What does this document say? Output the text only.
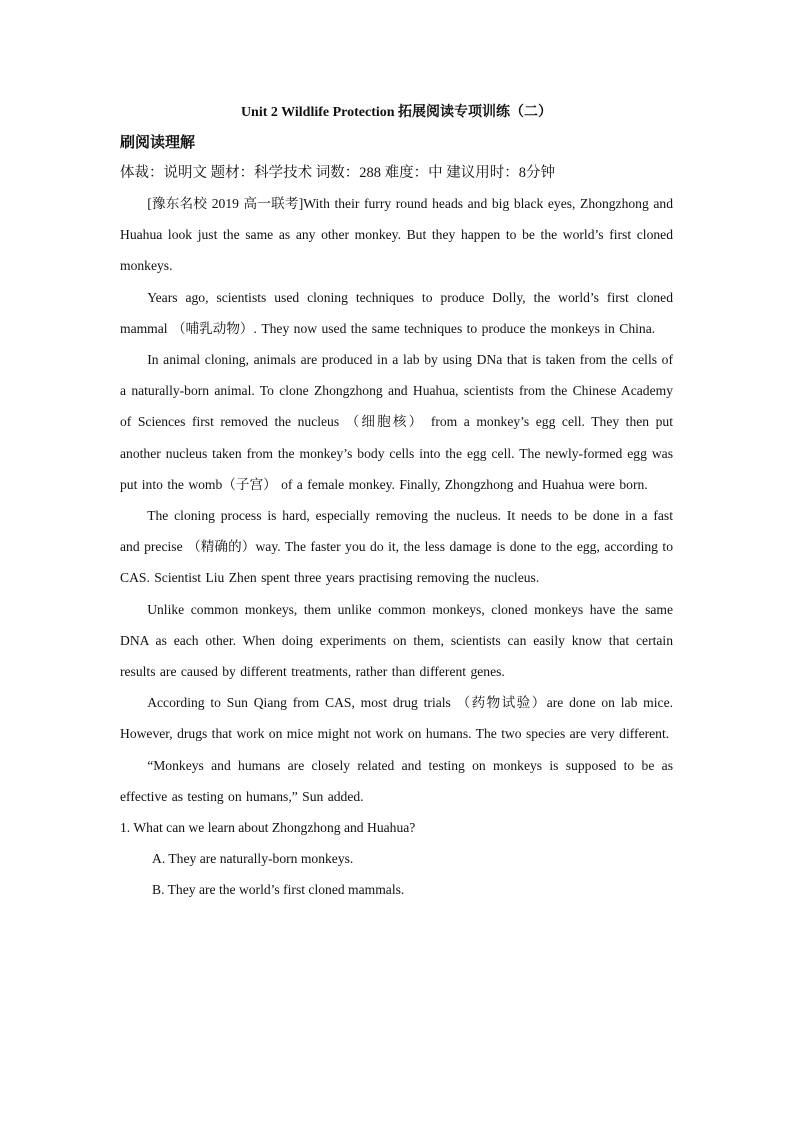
Unit 2 Wildlife Protection 拓展阅读专项训练（二）

刷阅读理解

体裁：说明文 题材：科学技术 词数：288 难度：中 建议用时：8分钟

[豫东名校 2019 高一联考]With their furry round heads and big black eyes, Zhongzhong and Huahua look just the same as any other monkey. But they happen to be the world’s first cloned monkeys.

Years ago, scientists used cloning techniques to produce Dolly, the world’s first cloned mammal （哺乳动物）. They now used the same techniques to produce the monkeys in China.

In animal cloning, animals are produced in a lab by using DNa that is taken from the cells of a naturally-born animal. To clone Zhongzhong and Huahua, scientists from the Chinese Academy of Sciences first removed the nucleus （细胞核） from a monkey’s egg cell. They then put another nucleus taken from the monkey’s body cells into the egg cell. The newly-formed egg was put into the womb（子宫） of a female monkey. Finally, Zhongzhong and Huahua were born.

The cloning process is hard, especially removing the nucleus. It needs to be done in a fast and precise （精确的）way. The faster you do it, the less damage is done to the egg, according to CAS. Scientist Liu Zhen spent three years practising removing the nucleus.

Unlike common monkeys, them unlike common monkeys, cloned monkeys have the same DNA as each other. When doing experiments on them, scientists can easily know that certain results are caused by different treatments, rather than different genes.

According to Sun Qiang from CAS, most drug trials （药物试验）are done on lab mice. However, drugs that work on mice might not work on humans. The two species are very different.

“Monkeys and humans are closely related and testing on monkeys is supposed to be as effective as testing on humans,” Sun added.

1. What can we learn about Zhongzhong and Huahua?

A. They are naturally-born monkeys.

B. They are the world’s first cloned mammals.
